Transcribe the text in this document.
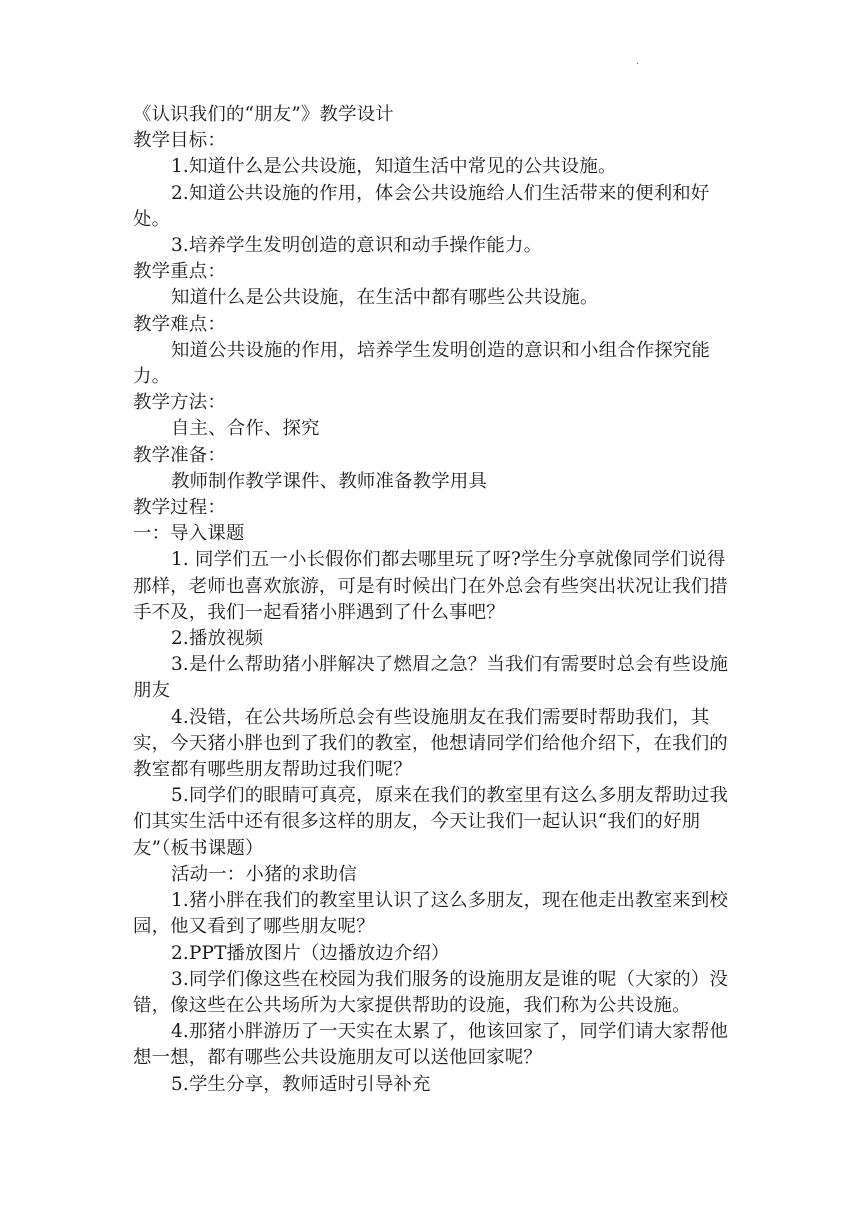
.

《认识我们的“朋友”》教学设计

教学目标：

1.知道什么是公共设施，知道生活中常见的公共设施。

2.知道公共设施的作用，体会公共设施给人们生活带来的便利和好处。

3.培养学生发明创造的意识和动手操作能力。

教学重点：

知道什么是公共设施，在生活中都有哪些公共设施。

教学难点：

知道公共设施的作用，培养学生发明创造的意识和小组合作探究能力。

教学方法：

自主、合作、探究

教学准备：

教师制作教学课件、教师准备教学用具

教学过程：

一：导入课题

1. 同学们五一小长假你们都去哪里玩了呀?学生分享就像同学们说得那样，老师也喜欢旅游，可是有时候出门在外总会有些突出状况让我们措手不及，我们一起看猪小胖遇到了什么事吧？

2.播放视频

3.是什么帮助猪小胖解决了燃眉之急？当我们有需要时总会有些设施朋友

4.没错，在公共场所总会有些设施朋友在我们需要时帮助我们，其实，今天猪小胖也到了我们的教室，他想请同学们给他介绍下，在我们的教室都有哪些朋友帮助过我们呢？

5.同学们的眼睛可真亮，原来在我们的教室里有这么多朋友帮助过我们其实生活中还有很多这样的朋友，今天让我们一起认识“我们的好朋友”（板书课题）

活动一：小猪的求助信

1.猪小胖在我们的教室里认识了这么多朋友，现在他走出教室来到校园，他又看到了哪些朋友呢？

2.PPT播放图片（边播放边介绍）

3.同学们像这些在校园为我们服务的设施朋友是谁的呢（大家的）没错，像这些在公共场所为大家提供帮助的设施，我们称为公共设施。

4.那猪小胖游历了一天实在太累了，他该回家了，同学们请大家帮他想一想，都有哪些公共设施朋友可以送他回家呢？

5.学生分享，教师适时引导补充
